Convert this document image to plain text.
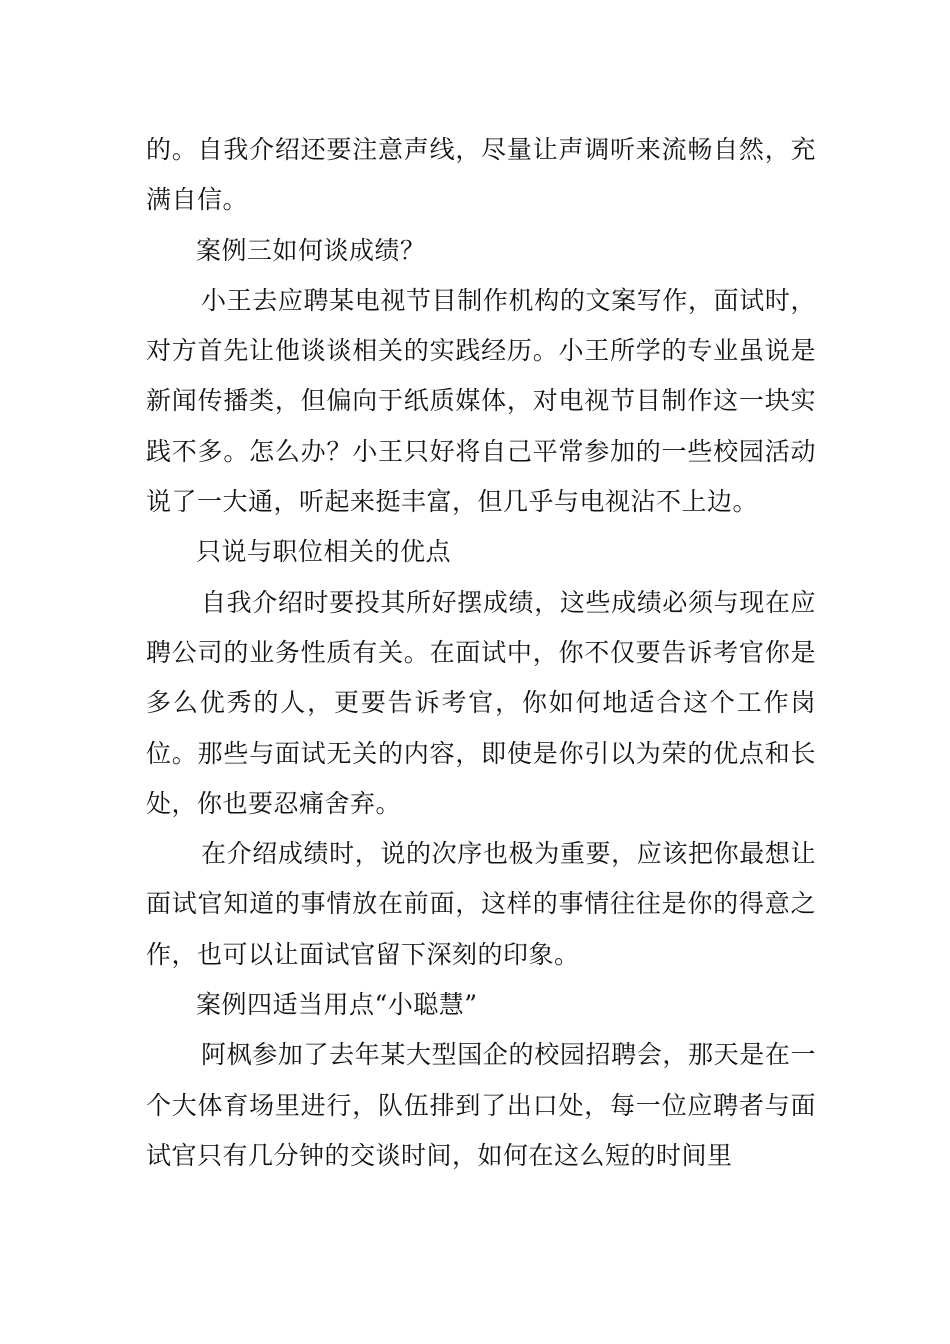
的。自我介绍还要注意声线，尽量让声调听来流畅自然，充满自信。

案例三如何谈成绩？

小王去应聘某电视节目制作机构的文案写作，面试时，对方首先让他谈谈相关的实践经历。小王所学的专业虽说是新闻传播类，但偏向于纸质媒体，对电视节目制作这一块实践不多。怎么办？小王只好将自己平常参加的一些校园活动说了一大通，听起来挺丰富，但几乎与电视沾不上边。

只说与职位相关的优点

自我介绍时要投其所好摆成绩，这些成绩必须与现在应聘公司的业务性质有关。在面试中，你不仅要告诉考官你是多么优秀的人，更要告诉考官，你如何地适合这个工作岗位。那些与面试无关的内容，即使是你引以为荣的优点和长处，你也要忍痛舍弃。

在介绍成绩时，说的次序也极为重要，应该把你最想让面试官知道的事情放在前面，这样的事情往往是你的得意之作，也可以让面试官留下深刻的印象。

案例四适当用点“小聪慧”

阿枫参加了去年某大型国企的校园招聘会，那天是在一个大体育场里进行，队伍排到了出口处，每一位应聘者与面试官只有几分钟的交谈时间，如何在这么短的时间里
